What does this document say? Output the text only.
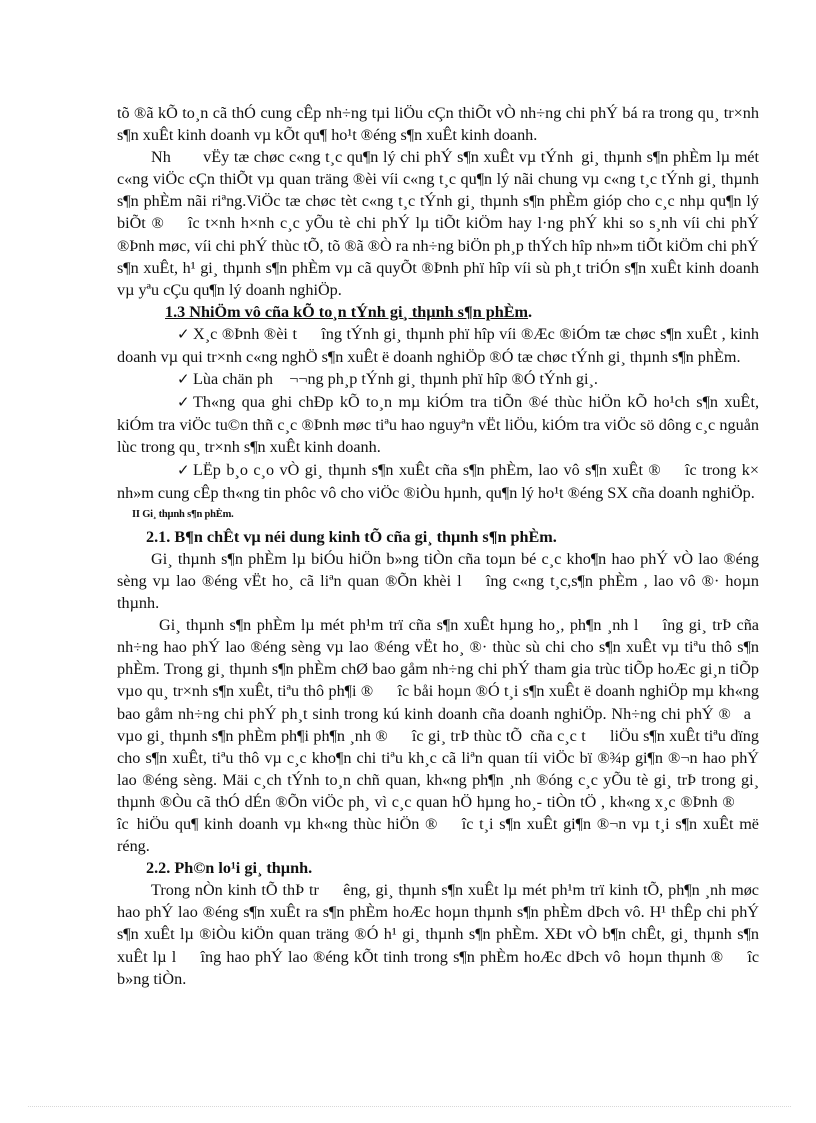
tõ ®ã kÕ to¸n cã thÓ cung cÊp nh÷ng tµi liÖu cÇn thiÕt vÒ nh÷ng chi phÝ bá ra trong qu¸ tr×nh s¶n xuÊt kinh doanh vµ kÕt qu¶ ho¹t ®éng s¶n xuÊt kinh doanh.

Nh  vËy tæ chøc c«ng t¸c qu¶n lý chi phÝ s¶n xuÊt vµ tÝnh gi¸ thµnh s¶n phÈm lµ mét c«ng viÖc cÇn thiÕt vµ quan träng ®èi víi c«ng t¸c qu¶n lý nãi chung vµ c«ng t¸c tÝnh gi¸ thµnh s¶n phÈm nãi riªng.ViÖc tæ chøc tèt c«ng t¸c tÝnh gi¸ thµnh s¶n phÈm gióp cho c¸c nhµ qu¶n lý biÕt ®  îc t×nh h×nh c¸c yÕu tè chi phÝ lµ tiÕt kiÖm hay l·ng phÝ khi so s¸nh víi chi phÝ ®Þnh møc, víi chi phÝ thùc tÕ, tõ ®ã ®Ò ra nh÷ng biÖn ph¸p thÝch hîp nh»m tiÕt kiÖm chi phÝ s¶n xuÊt, h¹ gi¸ thµnh s¶n phÈm vµ cã quyÕt ®Þnh phï hîp víi sù ph¸t triÓn s¶n xuÊt kinh doanh vµ yªu cÇu qu¶n lý doanh nghiÖp.

1.3 NhiÖm vô cña kÕ to¸n tÝnh gi¸ thµnh s¶n phÈm.

✓ X¸c ®Þnh ®èi t  îng tÝnh gi¸ thµnh phï hîp víi ®Æc ®iÓm tæ chøc s¶n xuÊt , kinh doanh vµ qui tr×nh c«ng nghÖ s¶n xuÊt ë doanh nghiÖp ®Ó tæ chøc tÝnh gi¸ thµnh s¶n phÈm.

✓ Lùa chän ph ¬¬ng ph¸p tÝnh gi¸ thµnh phï hîp ®Ó tÝnh gi¸.

✓ Th«ng qua ghi chÐp kÕ to¸n mµ kiÓm tra tiÕn ®é thùc hiÖn kÕ ho¹ch s¶n xuÊt, kiÓm tra viÖc tu©n thñ c¸c ®Þnh møc tiªu hao nguyªn vËt liÖu, kiÓm tra viÖc sö dông c¸c nguån lùc trong qu¸ tr×nh s¶n xuÊt kinh doanh.

✓ LËp b¸o c¸o vÒ gi¸ thµnh s¶n xuÊt cña s¶n phÈm, lao vô s¶n xuÊt ®  îc trong k× nh»m cung cÊp th«ng tin phôc vô cho viÖc ®iÒu hµnh, qu¶n lý ho¹t ®éng SX cña doanh nghiÖp.

II Gi¸ thµnh s¶n phÈm.

2.1. B¶n chÊt vµ néi dung kinh tÕ cña gi¸ thµnh s¶n phÈm.

Gi¸ thµnh s¶n phÈm lµ biÓu hiÖn b»ng tiÒn cña toµn bé c¸c kho¶n hao phÝ vÒ lao ®éng sèng vµ lao ®éng vËt ho¸ cã liªn quan ®Õn khèi l  îng c«ng t¸c,s¶n phÈm , lao vô ®· hoµn thµnh.

Gi¸ thµnh s¶n phÈm lµ mét ph¹m trï cña s¶n xuÊt hµng ho¸, ph¶n ¸nh l  îng gi¸ trÞ cña nh÷ng hao phÝ lao ®éng sèng vµ lao ®éng vËt ho¸ ®· thùc sù chi cho s¶n xuÊt vµ tiªu thô s¶n phÈm. Trong gi¸ thµnh s¶n phÈm chØ bao gåm nh÷ng chi phÝ tham gia trùc tiÕp hoÆc gi¸n tiÕp vµo qu¸ tr×nh s¶n xuÊt, tiªu thô ph¶i ®  îc båi hoµn ®Ó t¸i s¶n xuÊt ë doanh nghiÖp mµ kh«ng bao gåm nh÷ng chi phÝ ph¸t sinh trong kú kinh doanh cña doanh nghiÖp. Nh÷ng chi phÝ ®  a vµo gi¸ thµnh s¶n phÈm ph¶i ph¶n ¸nh ®  îc gi¸ trÞ thùc tÕ cña c¸c t  liÖu s¶n xuÊt tiªu dïng cho s¶n xuÊt, tiªu thô vµ c¸c kho¶n chi tiªu kh¸c cã liªn quan tíi viÖc bï ®¾p gi¶n ®¬n hao phÝ lao ®éng sèng. Mäi c¸ch tÝnh to¸n chñ quan, kh«ng ph¶n ¸nh ®óng c¸c yÕu tè gi¸ trÞ trong gi¸ thµnh ®Òu cã thÓ dÉn ®Õn viÖc ph¸ vì c¸c quan hÖ hµng ho¸- tiÒn tÖ , kh«ng x¸c ®Þnh ®  îc hiÖu qu¶ kinh doanh vµ kh«ng thùc hiÖn ®  îc t¸i s¶n xuÊt gi¶n ®¬n vµ t¸i s¶n xuÊt më réng.

2.2. Ph©n lo¹i gi¸ thµnh.

Trong nÒn kinh tÕ thÞ tr  êng, gi¸ thµnh s¶n xuÊt lµ mét ph¹m trï kinh tÕ, ph¶n ¸nh møc hao phÝ lao ®éng s¶n xuÊt ra s¶n phÈm hoÆc hoµn thµnh s¶n phÈm dÞch vô. H¹ thÊp chi phÝ s¶n xuÊt lµ ®iÒu kiÖn quan träng ®Ó h¹ gi¸ thµnh s¶n phÈm. XÐt vÒ b¶n chÊt, gi¸ thµnh s¶n xuÊt lµ l  îng hao phÝ lao ®éng kÕt tinh trong s¶n phÈm hoÆc dÞch vô hoµn thµnh ®  îc b»ng tiÒn.
